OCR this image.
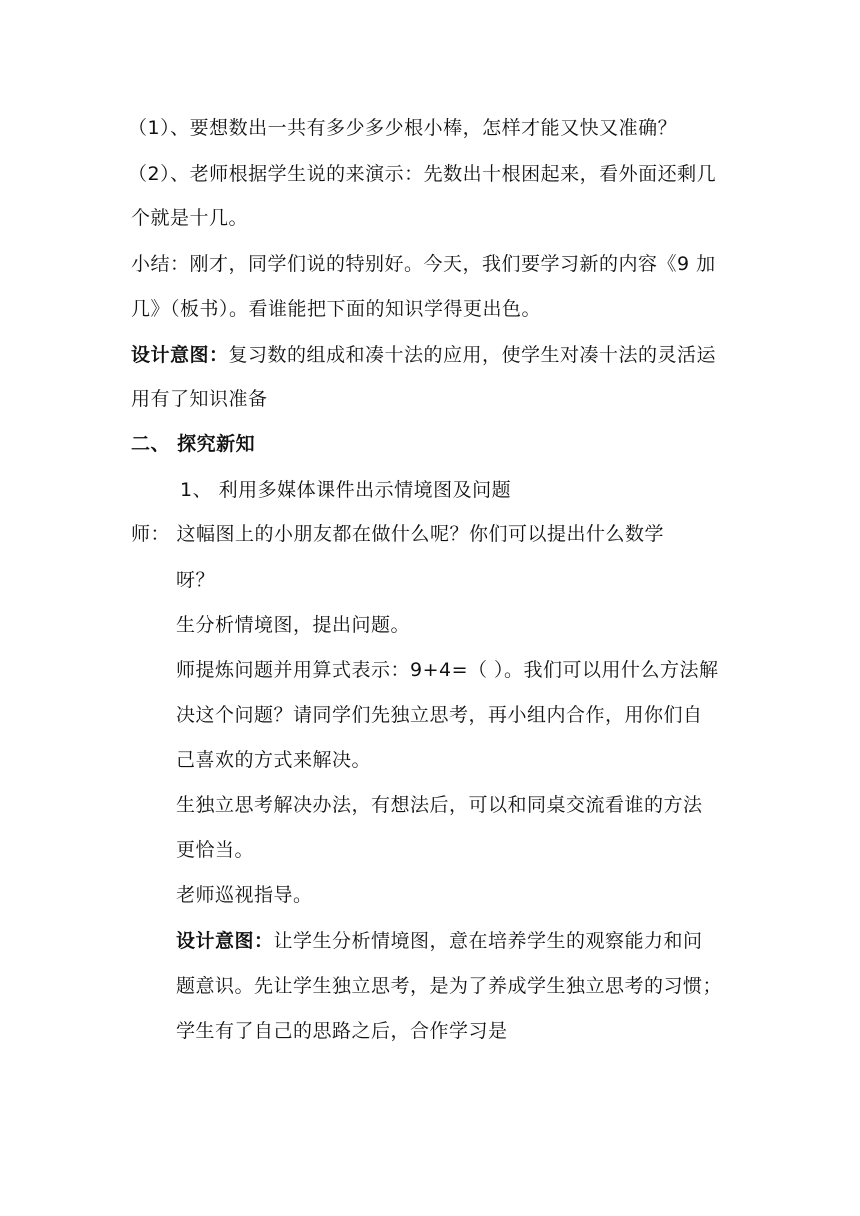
（1）、要想数出一共有多少多少根小棒，怎样才能又快又准确？
（2）、老师根据学生说的来演示：先数出十根困起来，看外面还剩几
个就是十几。
小结：刚才，同学们说的特别好。今天，我们要学习新的内容《9 加
几》（板书）。看谁能把下面的知识学得更出色。
设计意图：复习数的组成和凑十法的应用，使学生对凑十法的灵活运
用有了知识准备
二、 探究新知
1、 利用多媒体课件出示情境图及问题
师： 这幅图上的小朋友都在做什么呢？你们可以提出什么数学
呀？
生分析情境图，提出问题。
师提炼问题并用算式表示：9+4=（ ）。我们可以用什么方法解
决这个问题？请同学们先独立思考，再小组内合作，用你们自
己喜欢的方式来解决。
生独立思考解决办法，有想法后，可以和同桌交流看谁的方法
更恰当。
老师巡视指导。
设计意图：让学生分析情境图，意在培养学生的观察能力和问
题意识。先让学生独立思考，是为了养成学生独立思考的习惯；
学生有了自己的思路之后，合作学习是
